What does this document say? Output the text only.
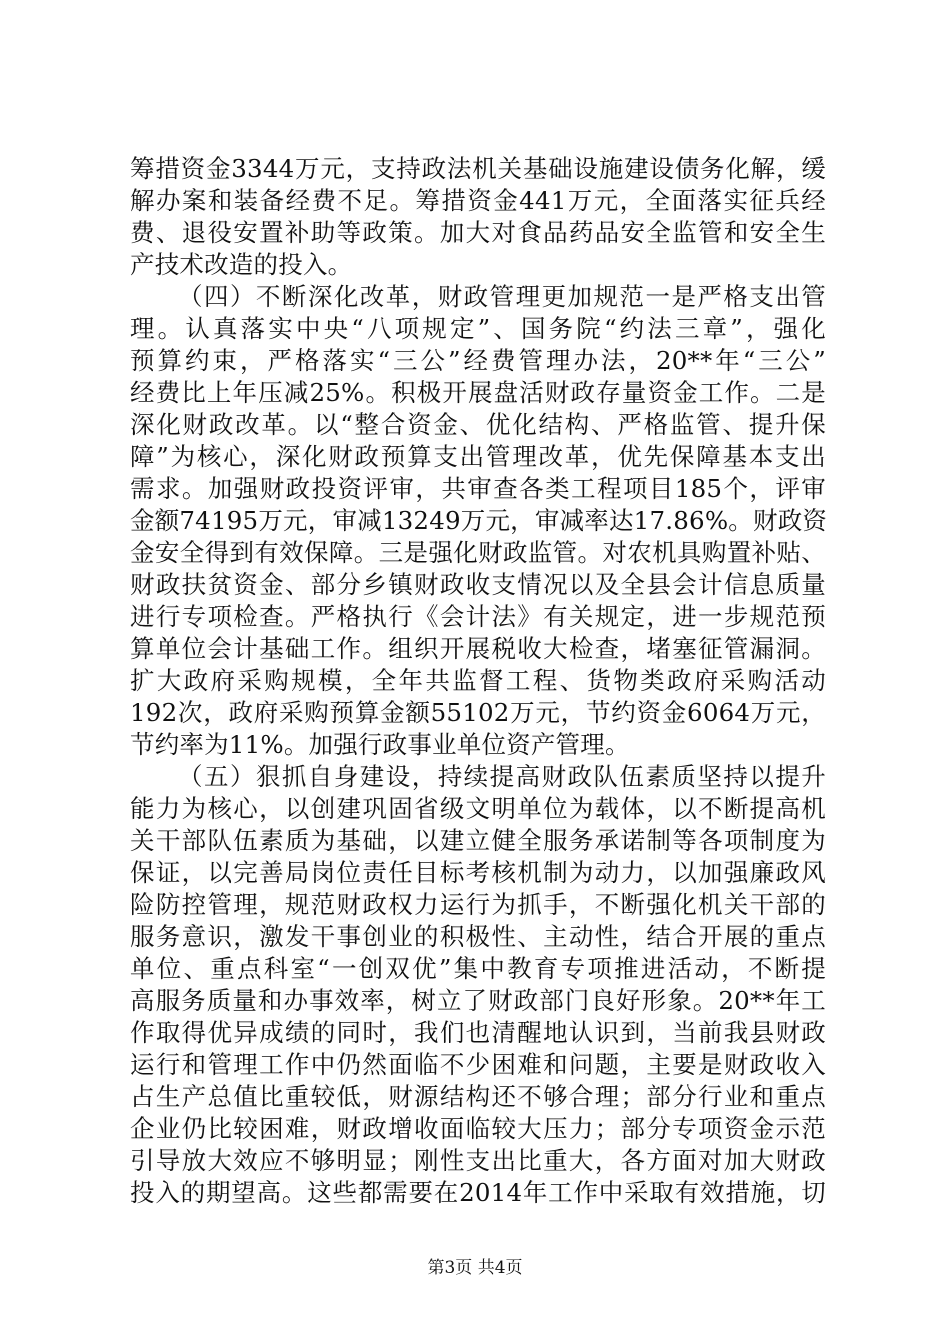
筹措资金3344万元，支持政法机关基础设施建设债务化解，缓
解办案和装备经费不足。筹措资金441万元，全面落实征兵经
费、退役安置补助等政策。加大对食品药品安全监管和安全生
产技术改造的投入。
（四）不断深化改革，财政管理更加规范一是严格支出管
理。认真落实中央“八项规定”、国务院“约法三章”，强化
预算约束，严格落实“三公”经费管理办法，20**年“三公”
经费比上年压减25%。积极开展盘活财政存量资金工作。二是
深化财政改革。以“整合资金、优化结构、严格监管、提升保
障”为核心，深化财政预算支出管理改革，优先保障基本支出
需求。加强财政投资评审，共审查各类工程项目185个，评审
金额74195万元，审减13249万元，审减率达17.86%。财政资
金安全得到有效保障。三是强化财政监管。对农机具购置补贴、
财政扶贫资金、部分乡镇财政收支情况以及全县会计信息质量
进行专项检查。严格执行《会计法》有关规定，进一步规范预
算单位会计基础工作。组织开展税收大检查，堵塞征管漏洞。
扩大政府采购规模，全年共监督工程、货物类政府采购活动
192次，政府采购预算金额55102万元，节约资金6064万元，
节约率为11%。加强行政事业单位资产管理。
（五）狠抓自身建设，持续提高财政队伍素质坚持以提升
能力为核心，以创建巩固省级文明单位为载体，以不断提高机
关干部队伍素质为基础，以建立健全服务承诺制等各项制度为
保证，以完善局岗位责任目标考核机制为动力，以加强廉政风
险防控管理，规范财政权力运行为抓手，不断强化机关干部的
服务意识，激发干事创业的积极性、主动性，结合开展的重点
单位、重点科室“一创双优”集中教育专项推进活动，不断提
高服务质量和办事效率，树立了财政部门良好形象。20**年工
作取得优异成绩的同时，我们也清醒地认识到，当前我县财政
运行和管理工作中仍然面临不少困难和问题，主要是财政收入
占生产总值比重较低，财源结构还不够合理；部分行业和重点
企业仍比较困难，财政增收面临较大压力；部分专项资金示范
引导放大效应不够明显；刚性支出比重大，各方面对加大财政
投入的期望高。这些都需要在2014年工作中采取有效措施，切
第3页 共4页
